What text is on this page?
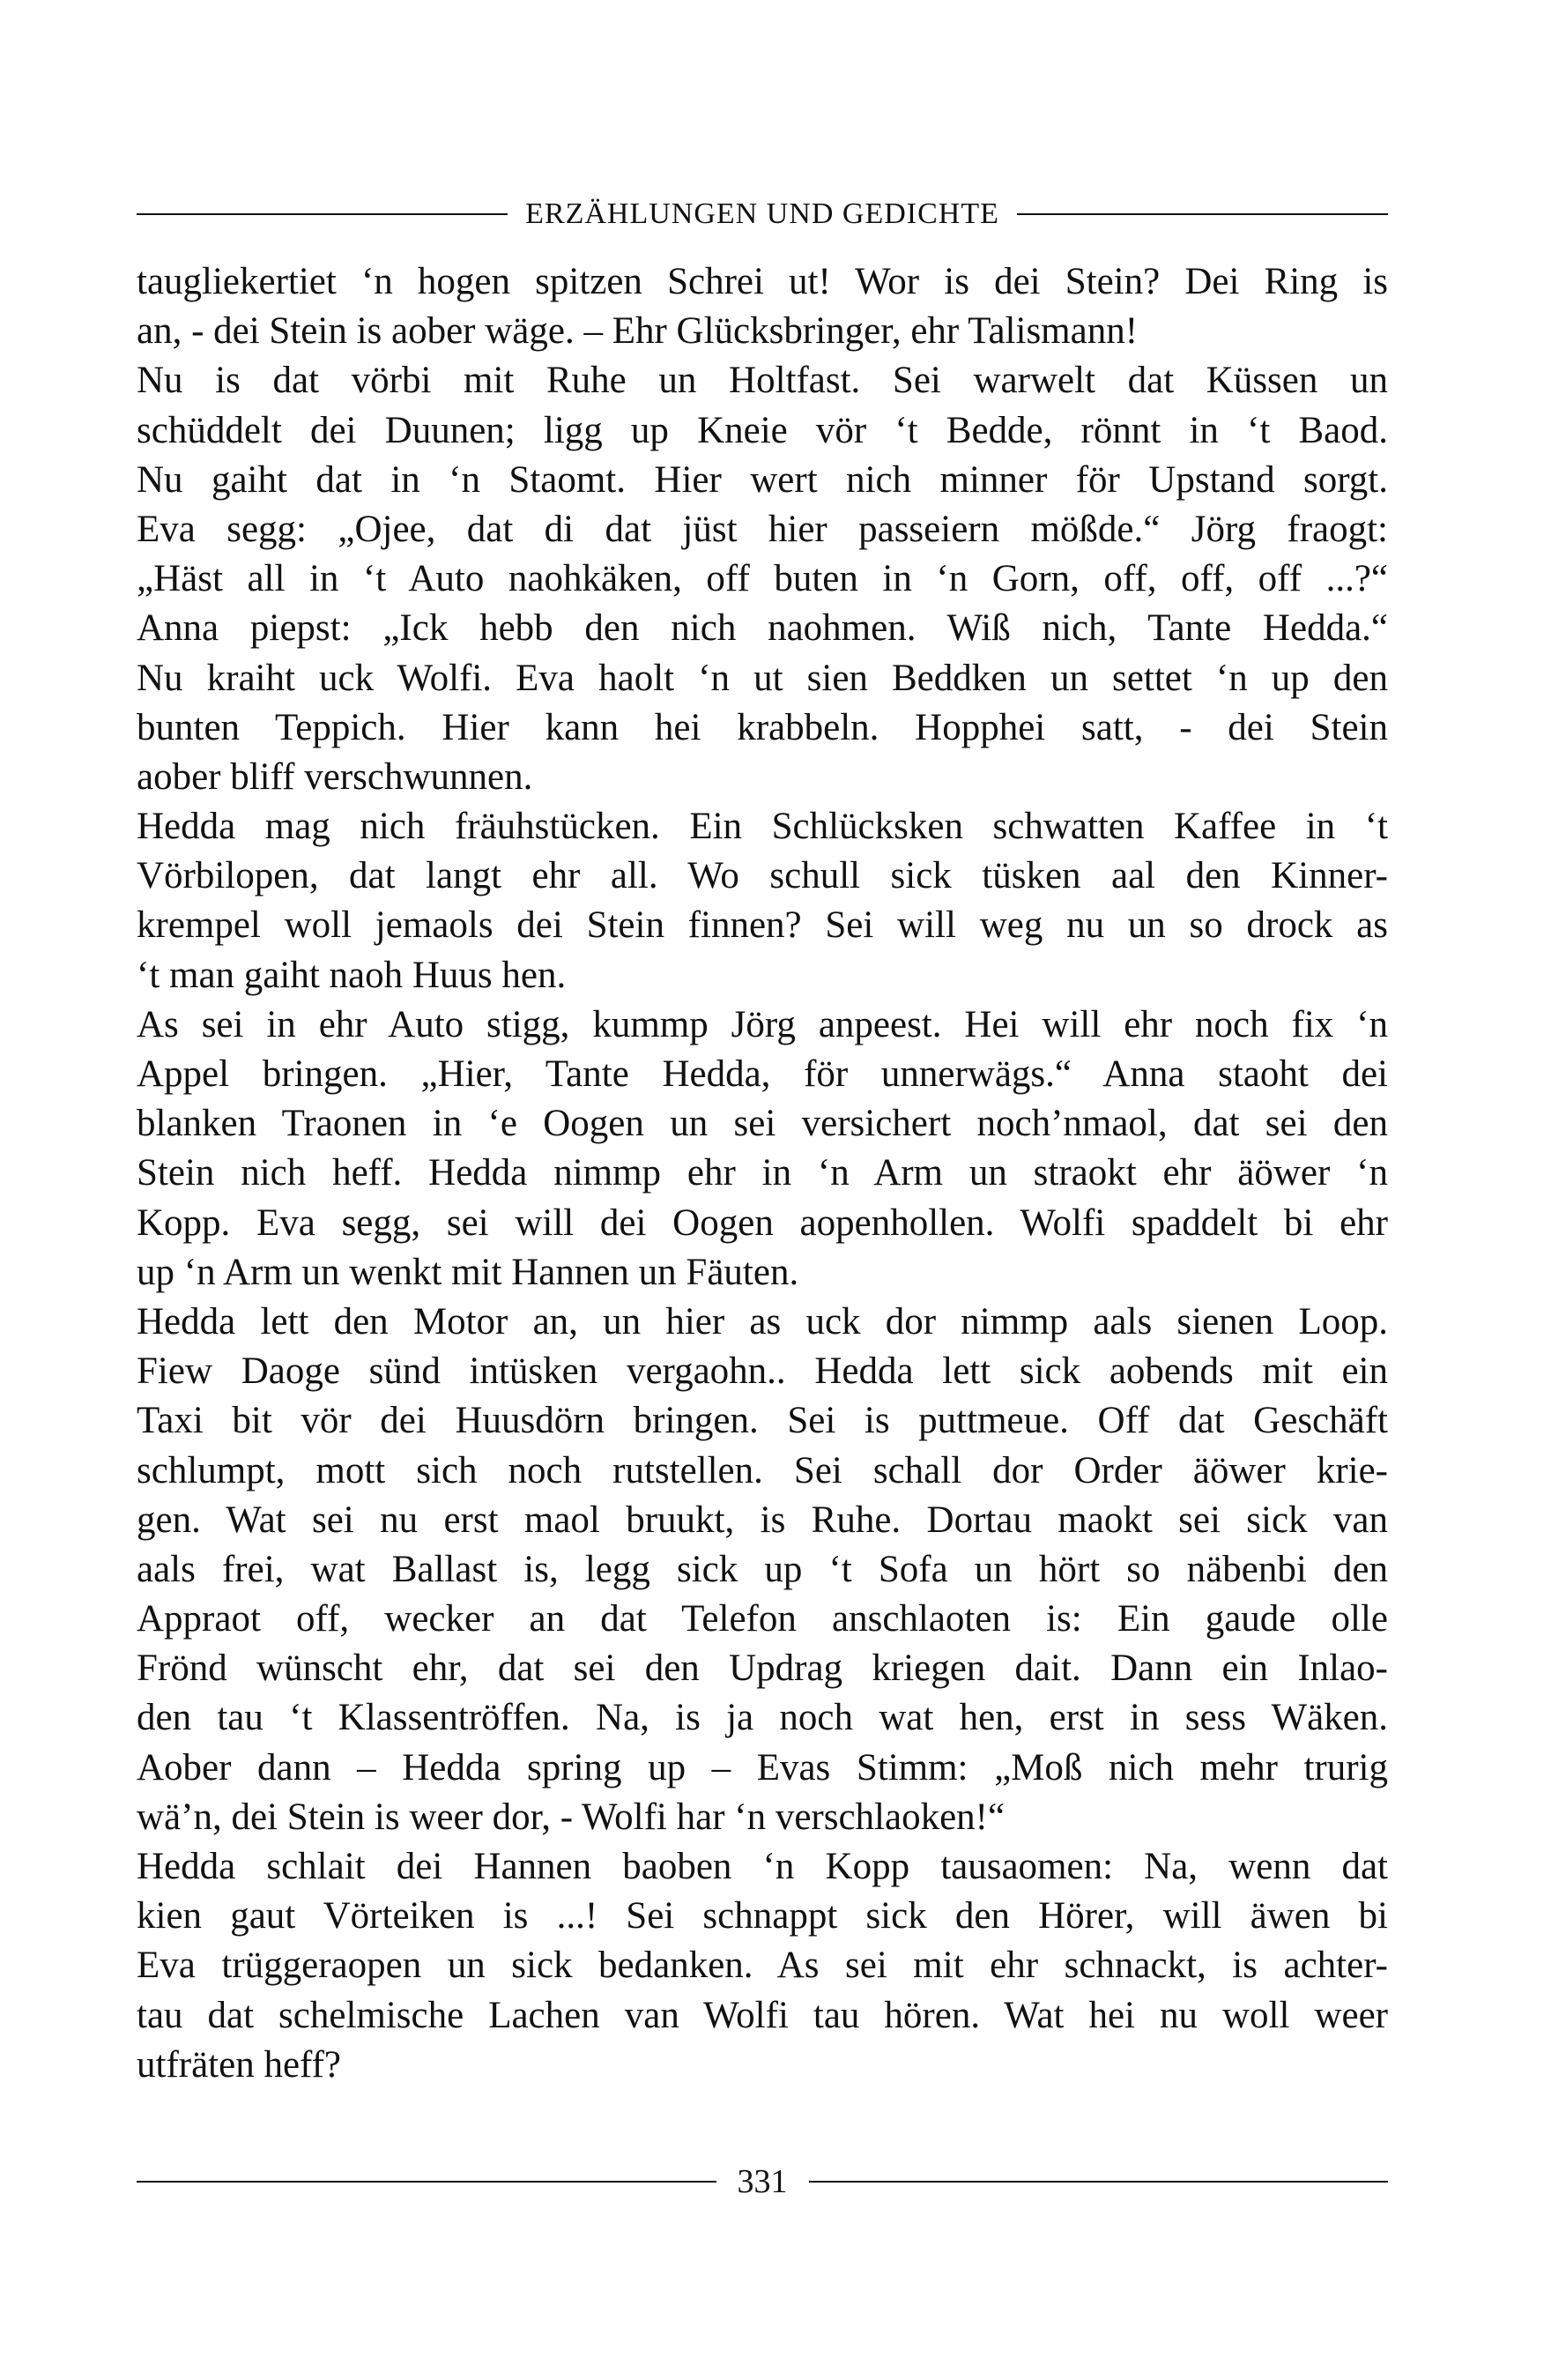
ERZÄHLUNGEN UND GEDICHTE
taugliekertiet ‘n hogen spitzen Schrei ut! Wor is dei Stein? Dei Ring is
an, - dei Stein is aober wäge. – Ehr Glücksbringer, ehr Talismann!
Nu is dat vörbi mit Ruhe un Holtfast. Sei warwelt dat Küssen un
schüddelt dei Duunen; ligg up Kneie vör ‘t Bedde, rönnt in ‘t Baod.
Nu gaiht dat in ‘n Staomt. Hier wert nich minner för Upstand sorgt.
Eva segg: „Ojee, dat di dat jüst hier passeiern mößde.“ Jörg fraogt:
„Häst all in ‘t Auto naohkäken, off buten in ‘n Gorn, off, off, off ...?“
Anna piepst: „Ick hebb den nich naohmen. Wiß nich, Tante Hedda.“
Nu kraiht uck Wolfi. Eva haolt ‘n ut sien Beddken un settet ‘n up den
bunten Teppich. Hier kann hei krabbeln. Hopphei satt, - dei Stein
aober bliff verschwunnen.
Hedda mag nich fräuhstücken. Ein Schlücksken schwatten Kaffee in ‘t
Vörbilopen, dat langt ehr all. Wo schull sick tüsken aal den Kinner-
krempel woll jemaols dei Stein finnen? Sei will weg nu un so drock as
‘t man gaiht naoh Huus hen.
As sei in ehr Auto stigg, kummp Jörg anpeest. Hei will ehr noch fix ‘n
Appel bringen. „Hier, Tante Hedda, för unnerwägs.“ Anna staoht dei
blanken Traonen in ‘e Oogen un sei versichert noch’nmaol, dat sei den
Stein nich heff. Hedda nimmp ehr in ‘n Arm un straokt ehr äöwer ‘n
Kopp. Eva segg, sei will dei Oogen aopenhollen. Wolfi spaddelt bi ehr
up ‘n Arm un wenkt mit Hannen un Fäuten.
Hedda lett den Motor an, un hier as uck dor nimmp aals sienen Loop.
Fiew Daoge sünd intüsken vergaohn.. Hedda lett sick aobends mit ein
Taxi bit vör dei Huusdörn bringen. Sei is puttmeue. Off dat Geschäft
schlumpt, mott sich noch rutstellen. Sei schall dor Order äöwer krie-
gen. Wat sei nu erst maol bruukt, is Ruhe. Dortau maokt sei sick van
aals frei, wat Ballast is, legg sick up ‘t Sofa un hört so näbenbi den
Appraot off, wecker an dat Telefon anschlaoten is: Ein gaude olle
Frönd wünscht ehr, dat sei den Updrag kriegen dait. Dann ein Inlao-
den tau ‘t Klassentröffen. Na, is ja noch wat hen, erst in sess Wäken.
Aober dann – Hedda spring up – Evas Stimm: „Moß nich mehr trurig
wä’n, dei Stein is weer dor, - Wolfi har ‘n verschlaoken!“
Hedda schlait dei Hannen baoben ‘n Kopp tausaomen: Na, wenn dat
kien gaut Vörteiken is ...! Sei schnappt sick den Hörer, will äwen bi
Eva trüggeraopen un sick bedanken. As sei mit ehr schnackt, is achter-
tau dat schelmische Lachen van Wolfi tau hören. Wat hei nu woll weer
utfräten heff?
331
